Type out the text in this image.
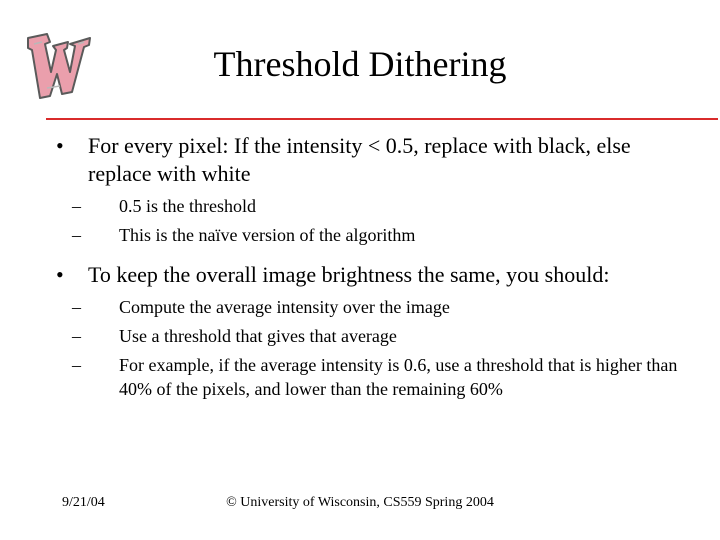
Threshold Dithering
• For every pixel: If the intensity < 0.5, replace with black, else replace with white
– 0.5 is the threshold
– This is the naïve version of the algorithm
• To keep the overall image brightness the same, you should:
– Compute the average intensity over the image
– Use a threshold that gives that average
– For example, if the average intensity is 0.6, use a threshold that is higher than 40% of the pixels, and lower than the remaining 60%
9/21/04	© University of Wisconsin, CS559 Spring 2004
